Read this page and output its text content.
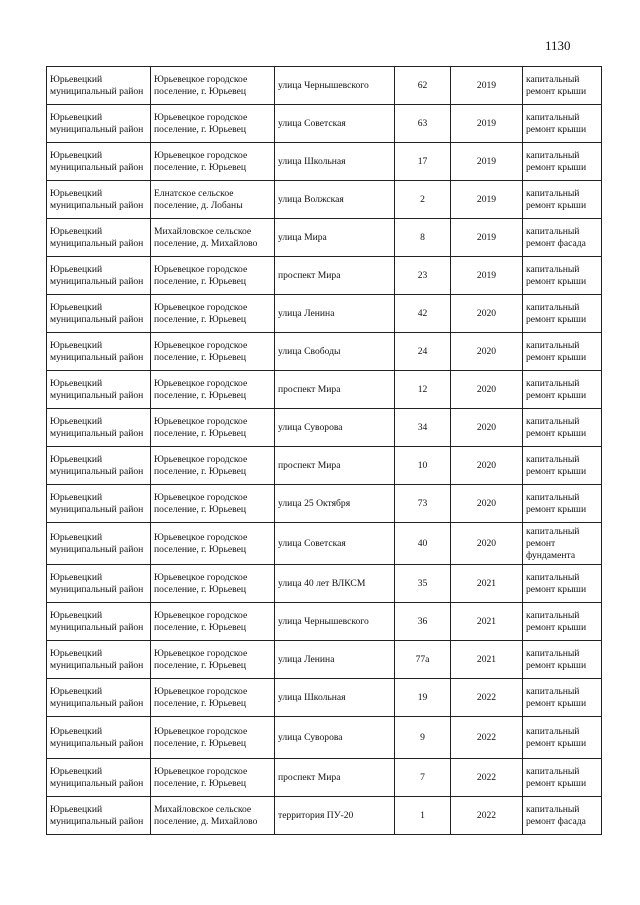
1130
Юрьевецкий муниципальный район	Юрьевецкое городское поселение, г. Юрьевец	улица Чернышевского	62	2019	капитальный ремонт крыши
Юрьевецкий муниципальный район	Юрьевецкое городское поселение, г. Юрьевец	улица Советская	63	2019	капитальный ремонт крыши
Юрьевецкий муниципальный район	Юрьевецкое городское поселение, г. Юрьевец	улица Школьная	17	2019	капитальный ремонт крыши
Юрьевецкий муниципальный район	Елнатское сельское поселение, д. Лобаны	улица Волжская	2	2019	капитальный ремонт крыши
Юрьевецкий муниципальный район	Михайловское сельское поселение, д. Михайлово	улица Мира	8	2019	капитальный ремонт фасада
Юрьевецкий муниципальный район	Юрьевецкое городское поселение, г. Юрьевец	проспект Мира	23	2019	капитальный ремонт крыши
Юрьевецкий муниципальный район	Юрьевецкое городское поселение, г. Юрьевец	улица Ленина	42	2020	капитальный ремонт крыши
Юрьевецкий муниципальный район	Юрьевецкое городское поселение, г. Юрьевец	улица Свободы	24	2020	капитальный ремонт крыши
Юрьевецкий муниципальный район	Юрьевецкое городское поселение, г. Юрьевец	проспект Мира	12	2020	капитальный ремонт крыши
Юрьевецкий муниципальный район	Юрьевецкое городское поселение, г. Юрьевец	улица Суворова	34	2020	капитальный ремонт крыши
Юрьевецкий муниципальный район	Юрьевецкое городское поселение, г. Юрьевец	проспект Мира	10	2020	капитальный ремонт крыши
Юрьевецкий муниципальный район	Юрьевецкое городское поселение, г. Юрьевец	улица 25 Октября	73	2020	капитальный ремонт крыши
Юрьевецкий муниципальный район	Юрьевецкое городское поселение, г. Юрьевец	улица Советская	40	2020	капитальный ремонт фундамента
Юрьевецкий муниципальный район	Юрьевецкое городское поселение, г. Юрьевец	улица 40 лет ВЛКСМ	35	2021	капитальный ремонт крыши
Юрьевецкий муниципальный район	Юрьевецкое городское поселение, г. Юрьевец	улица Чернышевского	36	2021	капитальный ремонт крыши
Юрьевецкий муниципальный район	Юрьевецкое городское поселение, г. Юрьевец	улица Ленина	77а	2021	капитальный ремонт крыши
Юрьевецкий муниципальный район	Юрьевецкое городское поселение, г. Юрьевец	улица Школьная	19	2022	капитальный ремонт крыши
Юрьевецкий муниципальный район	Юрьевецкое городское поселение, г. Юрьевец	улица Суворова	9	2022	капитальный ремонт крыши
Юрьевецкий муниципальный район	Юрьевецкое городское поселение, г. Юрьевец	проспект Мира	7	2022	капитальный ремонт крыши
Юрьевецкий муниципальный район	Михайловское сельское поселение, д. Михайлово	территория ПУ-20	1	2022	капитальный ремонт фасада
